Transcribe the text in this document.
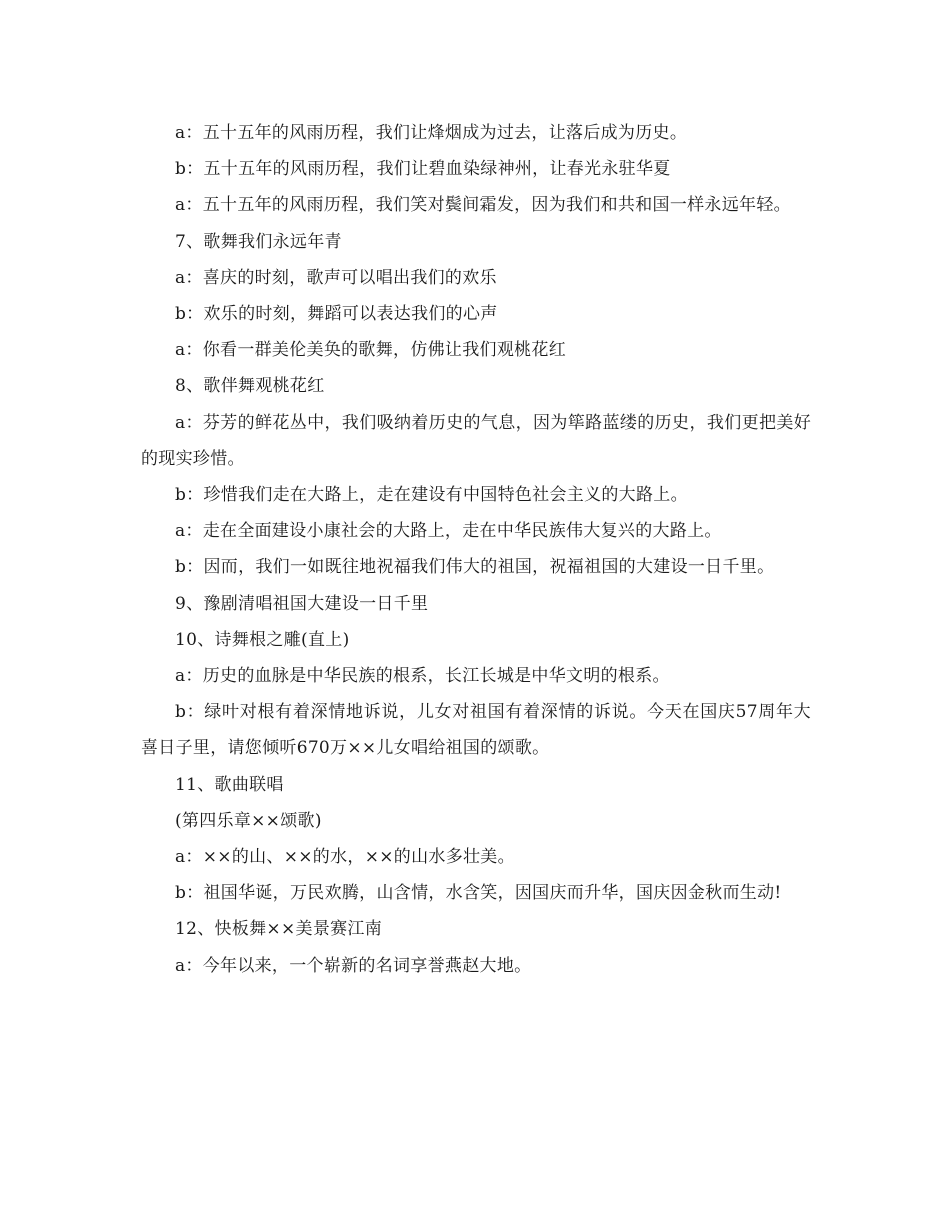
a：五十五年的风雨历程，我们让烽烟成为过去，让落后成为历史。

b：五十五年的风雨历程，我们让碧血染绿神州，让春光永驻华夏

a：五十五年的风雨历程，我们笑对鬓间霜发，因为我们和共和国一样永远年轻。

7、歌舞我们永远年青

a：喜庆的时刻，歌声可以唱出我们的欢乐

b：欢乐的时刻，舞蹈可以表达我们的心声

a：你看一群美伦美奂的歌舞，仿佛让我们观桃花红

8、歌伴舞观桃花红

a：芬芳的鲜花丛中，我们吸纳着历史的气息，因为筚路蓝缕的历史，我们更把美好的现实珍惜。

b：珍惜我们走在大路上，走在建设有中国特色社会主义的大路上。

a：走在全面建设小康社会的大路上，走在中华民族伟大复兴的大路上。

b：因而，我们一如既往地祝福我们伟大的祖国，祝福祖国的大建设一日千里。

9、豫剧清唱祖国大建设一日千里

10、诗舞根之雕(直上)

a：历史的血脉是中华民族的根系，长江长城是中华文明的根系。

b：绿叶对根有着深情地诉说，儿女对祖国有着深情的诉说。今天在国庆57周年大喜日子里，请您倾听670万××儿女唱给祖国的颂歌。

11、歌曲联唱

(第四乐章××颂歌)

a：××的山、××的水，××的山水多壮美。

b：祖国华诞，万民欢腾，山含情，水含笑，因国庆而升华，国庆因金秋而生动!

12、快板舞××美景赛江南

a：今年以来，一个崭新的名词享誉燕赵大地。
